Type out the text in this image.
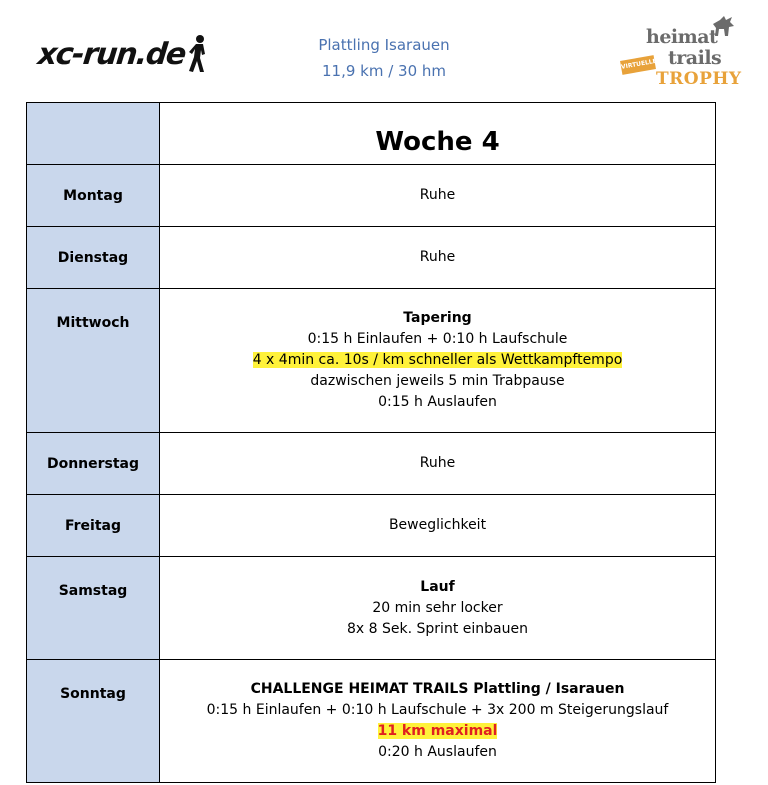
xc-run.de	Plattling Isarauen
11,9 km / 30 hm
heimat
VIRTUELLE trails
TROPHY
	Woche 4
Montag	Ruhe
Dienstag	Ruhe
Mittwoch	Tapering
0:15 h Einlaufen + 0:10 h Laufschule
4 x 4min ca. 10s / km schneller als Wettkampftempo
dazwischen jeweils 5 min Trabpause
0:15 h Auslaufen

Donnerstag	Ruhe
Freitag	Beweglichkeit
Samstag	Lauf
20 min sehr locker
8x 8 Sek. Sprint einbauen

Sonntag	CHALLENGE HEIMAT TRAILS Plattling / Isarauen
0:15 h Einlaufen + 0:10 h Laufschule + 3x 200 m Steigerungslauf
11 km maximal
0:20 h Auslaufen
